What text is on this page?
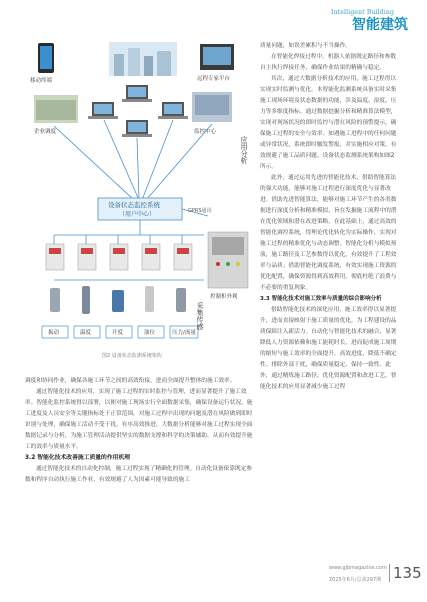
Intelligent Building
智能建筑
移动终端	远程专家平台
企业调度	监控中心
应用分析
设备状态监控系统
（用户中心）	GPRS通讯
控制柜外观
振动	温度	开度	油位	压力/流量
采集传感
图2 设备状态监测系统架构

质量问题，如误差累积与不当操作。

在智能化焊接过程中，机器人依据既定路径和参数自主执行焊接任务，确保作业结果的精确与稳定。

其次，通过大数据分析技术的应用，施工过程得以实现实时监测与优化。本智能化监测系统具备实时采集施工现场环境及状态数据的功能，涉及温度、湿度、压力等多维度指标。通过数据挖掘分析和精准算法模型，实现对现场状况的即时监控与潜在风险的预警提示，确保施工过程的安全与效率。如遇施工进程中的任何问题或异常状况，系统即时触发警报，并实施相应对策，有效规避了施工品质问题。设备状态监测系统架构如图2所示。

此外，通过运用先进的智能化技术，借助智能算法的强大功能，能够对施工过程进行深度优化与显著改进。借助先进智能算法，能够对施工环节产生的各类数据进行深度分析和精准模拟，旨在发掘施工流程中的潜在优化领域和潜在改进策略。在此基础上，通过高效的智能化调控系统，得理论优化转化为实际操作，实现对施工过程的精准优化与动态调整。智能化分析与模拟预演，施工路径及工艺参数得以优化，有效提升了工程效率与品质；借助智能化调度系统，有效实现施工资源的优化配置，确保资源得到高效利用，彻底杜绝了浪费与不必要的重复现象。

3.3 智能化技术对施工效率与质量的综合影响分析

借助智能化技术的深化应用，施工效率得以显著提升，进而直接映射于施工质量的优化，为工程建设的品质保障注入新活力。自动化与智能化技术的融合，显著降低人力资源依赖和施工能耗时长，进而促成施工周期的缩短与施工效率的全面提升。高效进度、降低不确定性、排除外部干扰，确保质量稳定，保持一致性。此外，通过精炼施工路径、优化资源配置和改进工艺，智能化技术的应用显著减少施工过程

调度和协同作业，确保各施工环节之间的高效衔接，进而全面提升整体的施工效率。

通过智能化技术的应用，实现了施工过程的实时监控与管理，进而显著提升了施工效率。智能化监控系统得以部署，以便对施工现场实行全面数据采集，确保设备运行状况、施工进度及人员安全等关键指标处于正常范围，对施工过程中出现的问题及潜在风险做到即时识别与处理，确保施工活动不受干扰，有序高效推进。大数据分析能够对施工过程实现全面数据记录与分析，为施工管理活动提供坚实的数据支撑和科学的决策辅助，从而有效提升施工的效率与质量水平。

3.2 智能化技术改善施工质量的作用机理

通过智能化技术的自动化控制，施工过程实现了精确化的管理。自动化设备依靠既定参数和程序自动执行施工作业，有效规避了人为因素可能导致的施工

www.gjbmagazine.com
2025年6月/总第297期 135
